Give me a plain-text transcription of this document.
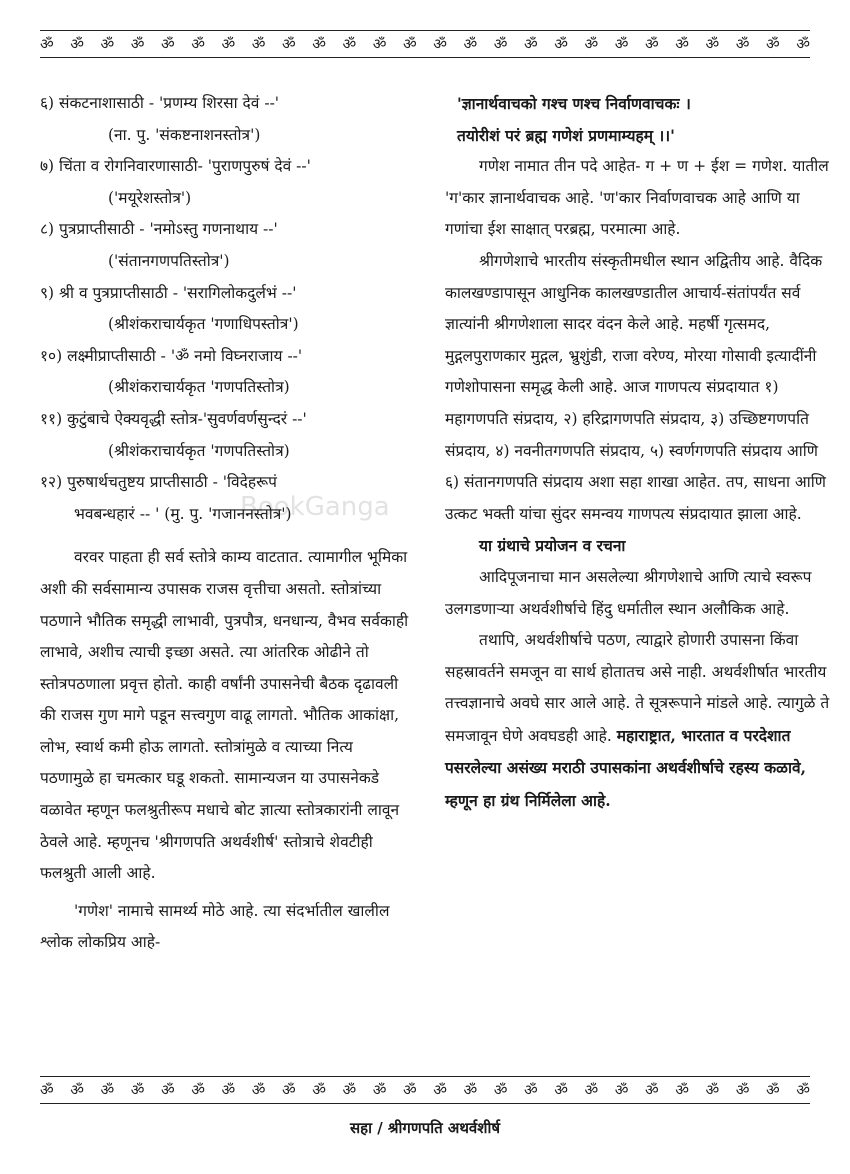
ॐ ॐ ॐ ॐ ॐ ॐ ॐ ॐ ॐ ॐ ॐ ॐ ॐ ॐ ॐ ॐ ॐ ॐ ॐ ॐ ॐ ॐ ॐ ॐ ॐ ॐ
BookGanga
६) संकटनाशासाठी - 'प्रणम्य शिरसा देवं --'
(ना. पु. 'संकष्टनाशनस्तोत्र')
७) चिंता व रोगनिवारणासाठी- 'पुराणपुरुषं देवं --'
('मयूरेशस्तोत्र')
८) पुत्रप्राप्तीसाठी - 'नमोऽस्तु गणनाथाय --'
('संतानगणपतिस्तोत्र')
९) श्री व पुत्रप्राप्तीसाठी - 'सरागिलोकदुर्लभं --'
(श्रीशंकराचार्यकृत 'गणाधिपस्तोत्र')
१०) लक्ष्मीप्राप्तीसाठी - 'ॐ नमो विघ्नराजाय --'
(श्रीशंकराचार्यकृत 'गणपतिस्तोत्र)
११) कुटुंबाचे ऐक्यवृद्धी स्तोत्र-'सुवर्णवर्णसुन्दरं --'
(श्रीशंकराचार्यकृत 'गणपतिस्तोत्र)
१२) पुरुषार्थचतुष्टय प्राप्तीसाठी - 'विदेहरूपं
भवबन्धहारं -- ' (मु. पु. 'गजाननस्तोत्र')

वरवर पाहता ही सर्व स्तोत्रे काम्य वाटतात. त्यामागील भूमिका अशी की सर्वसामान्य उपासक राजस वृत्तीचा असतो. स्तोत्रांच्या पठणाने भौतिक समृद्धी लाभावी, पुत्रपौत्र, धनधान्य, वैभव सर्वकाही लाभावे, अशीच त्याची इच्छा असते. त्या आंतरिक ओढीने तो स्तोत्रपठणाला प्रवृत्त होतो. काही वर्षांनी उपासनेची बैठक दृढावली की राजस गुण मागे पडून सत्त्वगुण वाढू लागतो. भौतिक आकांक्षा, लोभ, स्वार्थ कमी होऊ लागतो. स्तोत्रांमुळे व त्याच्या नित्य पठणामुळे हा चमत्कार घडू शकतो. सामान्यजन या उपासनेकडे वळावेत म्हणून फलश्रुतीरूप मधाचे बोट ज्ञात्या स्तोत्रकारांनी लावून ठेवले आहे. म्हणूनच 'श्रीगणपति अथर्वशीर्ष' स्तोत्राचे शेवटीही फलश्रुती आली आहे.

'गणेश' नामाचे सामर्थ्य मोठे आहे. त्या संदर्भातील खालील श्लोक लोकप्रिय आहे-

'ज्ञानार्थवाचको गश्च णश्च निर्वाणवाचकः ।
तयोरीशं परं ब्रह्म गणेशं प्रणमाम्यहम् ।।'

गणेश नामात तीन पदे आहेत- ग + ण + ईश = गणेश. यातील 'ग'कार ज्ञानार्थवाचक आहे. 'ण'कार निर्वाणवाचक आहे आणि या गणांचा ईश साक्षात् परब्रह्म, परमात्मा आहे.

श्रीगणेशाचे भारतीय संस्कृतीमधील स्थान अद्वितीय आहे. वैदिक कालखण्डापासून आधुनिक कालखण्डातील आचार्य-संतांपर्यंत सर्व ज्ञात्यांनी श्रीगणेशाला सादर वंदन केले आहे. महर्षी गृत्समद, मुद्गलपुराणकार मुद्गल, भ्रुशुंडी, राजा वरेण्य, मोरया गोसावी इत्यादींनी गणेशोपासना समृद्ध केली आहे. आज गाणपत्य संप्रदायात १) महागणपति संप्रदाय, २) हरिद्रागणपति संप्रदाय, ३) उच्छिष्टगणपति संप्रदाय, ४) नवनीतगणपति संप्रदाय, ५) स्वर्णगणपति संप्रदाय आणि ६) संतानगणपति संप्रदाय अशा सहा शाखा आहेत. तप, साधना आणि उत्कट भक्ती यांचा सुंदर समन्वय गाणपत्य संप्रदायात झाला आहे.

या ग्रंथाचे प्रयोजन व रचना

आदिपूजनाचा मान असलेल्या श्रीगणेशाचे आणि त्याचे स्वरूप उलगडणाऱ्या अथर्वशीर्षाचे हिंदु धर्मातील स्थान अलौकिक आहे.

तथापि, अथर्वशीर्षाचे पठण, त्याद्वारे होणारी उपासना किंवा सहस्रावर्तने समजून वा सार्थ होतातच असे नाही. अथर्वशीर्षात भारतीय तत्त्वज्ञानाचे अवघे सार आले आहे. ते सूत्ररूपाने मांडले आहे. त्यागुळे ते समजावून घेणे अवघडही आहे. महाराष्ट्रात, भारतात व परदेशात पसरलेल्या असंख्य मराठी उपासकांना अथर्वशीर्षाचे रहस्य कळावे, म्हणून हा ग्रंथ निर्मिलेला आहे.

ॐ ॐ ॐ ॐ ॐ ॐ ॐ ॐ ॐ ॐ ॐ ॐ ॐ ॐ ॐ ॐ ॐ ॐ ॐ ॐ ॐ ॐ ॐ ॐ ॐ ॐ
सहा / श्रीगणपति अथर्वशीर्ष
